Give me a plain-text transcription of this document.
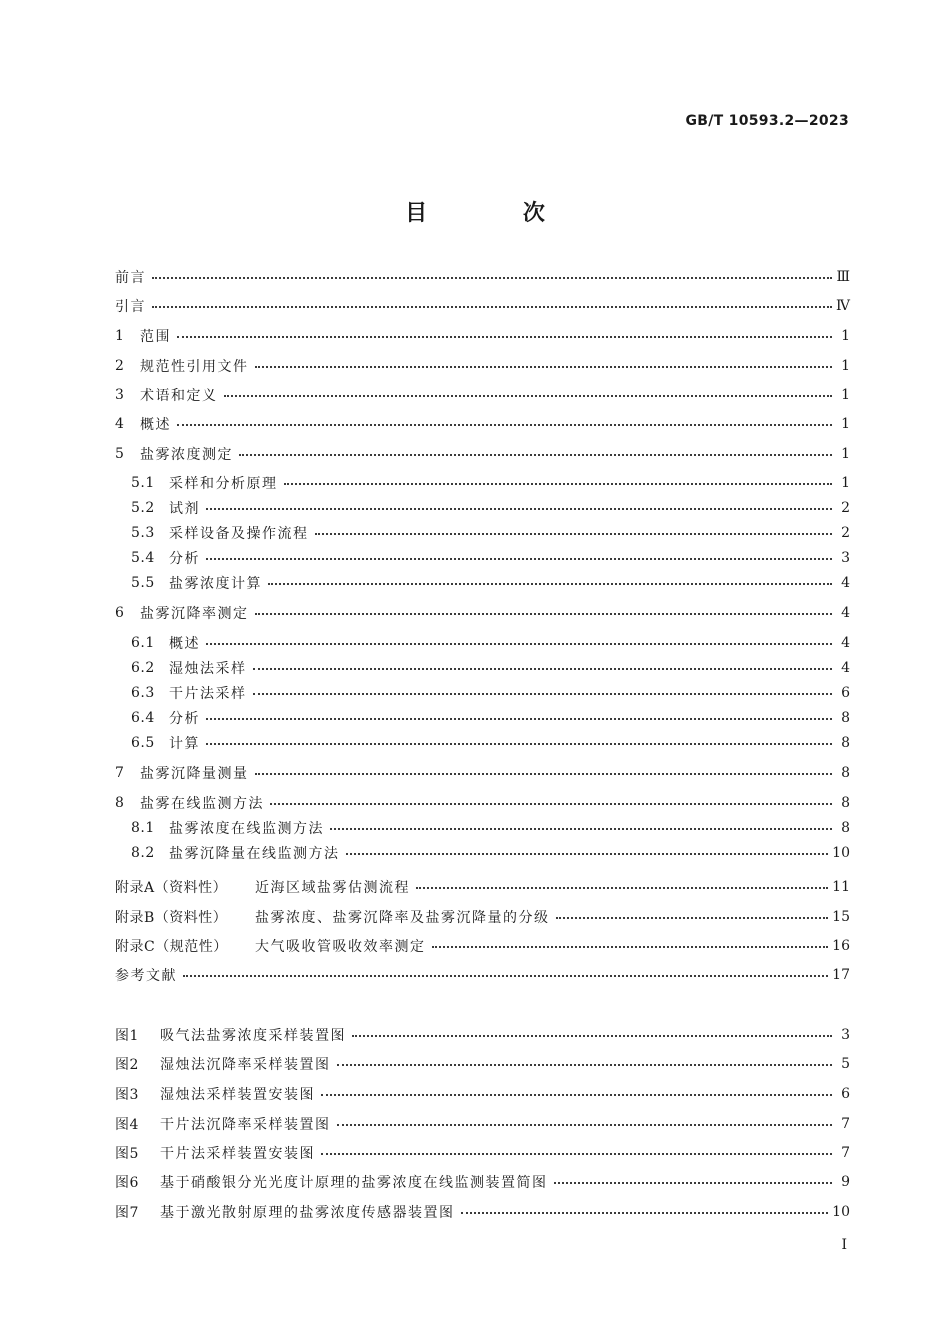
GB/T 10593.2—2023
目 次
前言	Ⅲ
引言	Ⅳ
1	范围	1
2	规范性引用文件	1
3	术语和定义	1
4	概述	1
5	盐雾浓度测定	1
5.1	采样和分析原理	1
5.2	试剂	2
5.3	采样设备及操作流程	2
5.4	分析	3
5.5	盐雾浓度计算	4
6	盐雾沉降率测定	4
6.1	概述	4
6.2	湿烛法采样	4
6.3	干片法采样	6
6.4	分析	8
6.5	计算	8
7	盐雾沉降量测量	8
8	盐雾在线监测方法	8
8.1	盐雾浓度在线监测方法	8
8.2	盐雾沉降量在线监测方法	10
附录A（资料性）	近海区域盐雾估测流程	11
附录B（资料性）	盐雾浓度、盐雾沉降率及盐雾沉降量的分级	15
附录C（规范性）	大气吸收管吸收效率测定	16
参考文献	17
图1	吸气法盐雾浓度采样装置图	3
图2	湿烛法沉降率采样装置图	5
图3	湿烛法采样装置安装图	6
图4	干片法沉降率采样装置图	7
图5	干片法采样装置安装图	7
图6	基于硝酸银分光光度计原理的盐雾浓度在线监测装置简图	9
图7	基于激光散射原理的盐雾浓度传感器装置图	10
Ⅰ
